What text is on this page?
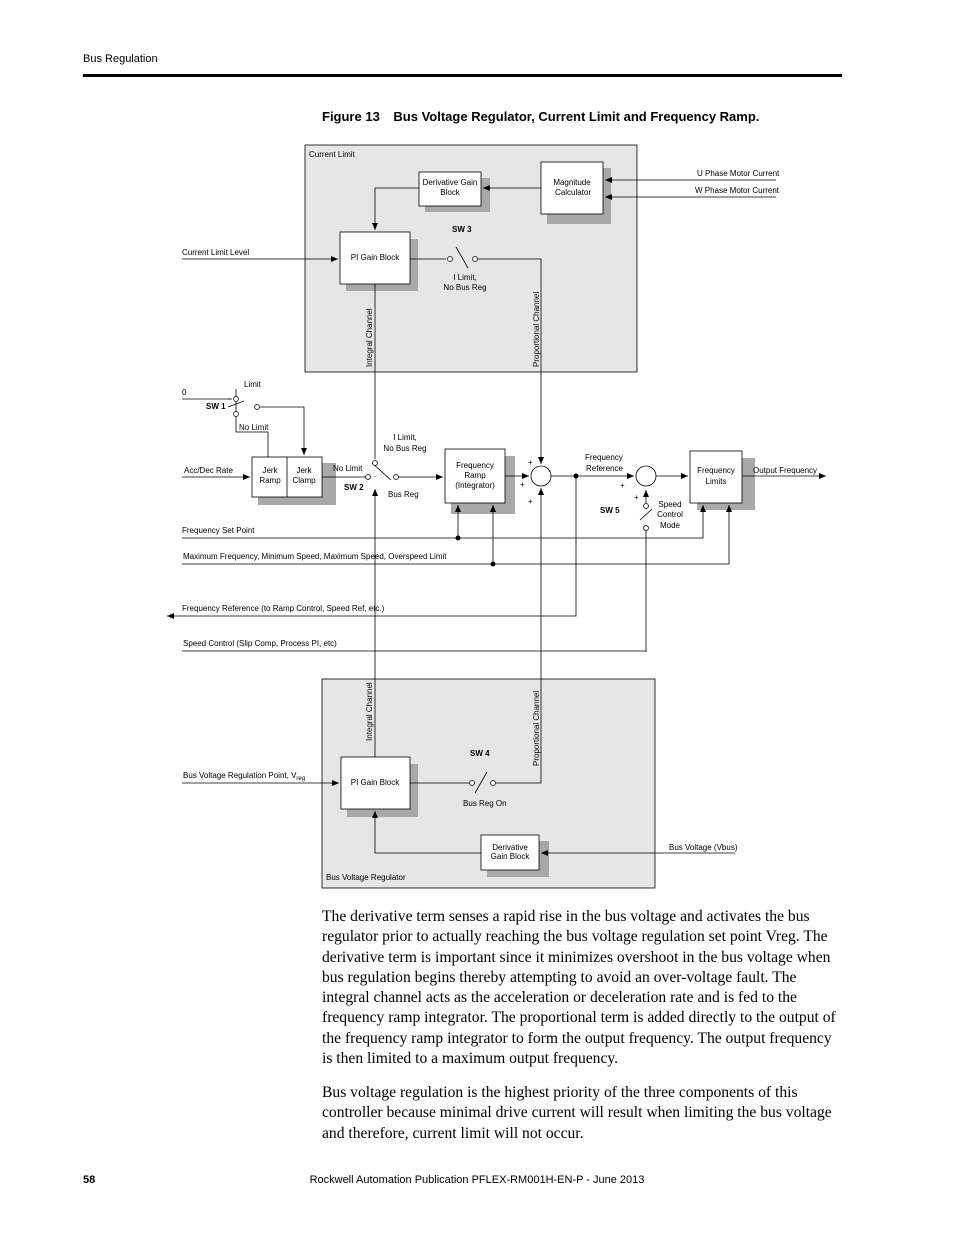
Bus Regulation
Figure 13 Bus Voltage Regulator, Current Limit and Frequency Ramp.
Current Limit
Bus Voltage Regulator
Derivative Gain
Block
Magnitude
Calculator
PI Gain Block
Jerk
Ramp
Jerk
Clamp
Frequency
Ramp
(Integrator)
Frequency
Limits
PI Gain Block
Derivative
Gain Block
U Phase Motor Current
W Phase Motor Current
Current Limit Level
SW 3
I Limit,
No Bus Reg
Integral Channel	Proportional Channel
0
Limit
SW 1
No Limit
Acc/Dec Rate	No Limit
SW 2
I Limit,
No Bus Reg
Bus Reg
+
+
+
+
+
Frequency
Reference	Output Frequency
SW 5
Speed
Control
Mode
Frequency Set Point
Maximum Frequency, Minimum Speed, Maximum Speed, Overspeed Limit
Frequency Reference (to Ramp Control, Speed Ref, etc.)
Speed Control (Slip Comp, Process PI, etc)
Integral Channel	Proportional Channel
Bus Voltage Regulation Point, $V_{reg}$
SW 4
Bus Reg On
Bus Voltage (Vbus)

The derivative term senses a rapid rise in the bus voltage and activates the bus regulator prior to actually reaching the bus voltage regulation set point Vreg. The derivative term is important since it minimizes overshoot in the bus voltage when bus regulation begins thereby attempting to avoid an over-voltage fault. The integral channel acts as the acceleration or deceleration rate and is fed to the frequency ramp integrator. The proportional term is added directly to the output of the frequency ramp integrator to form the output frequency. The output frequency is then limited to a maximum output frequency.

Bus voltage regulation is the highest priority of the three components of this controller because minimal drive current will result when limiting the bus voltage and therefore, current limit will not occur.

58	Rockwell Automation Publication PFLEX-RM001H-EN-P - June 2013
